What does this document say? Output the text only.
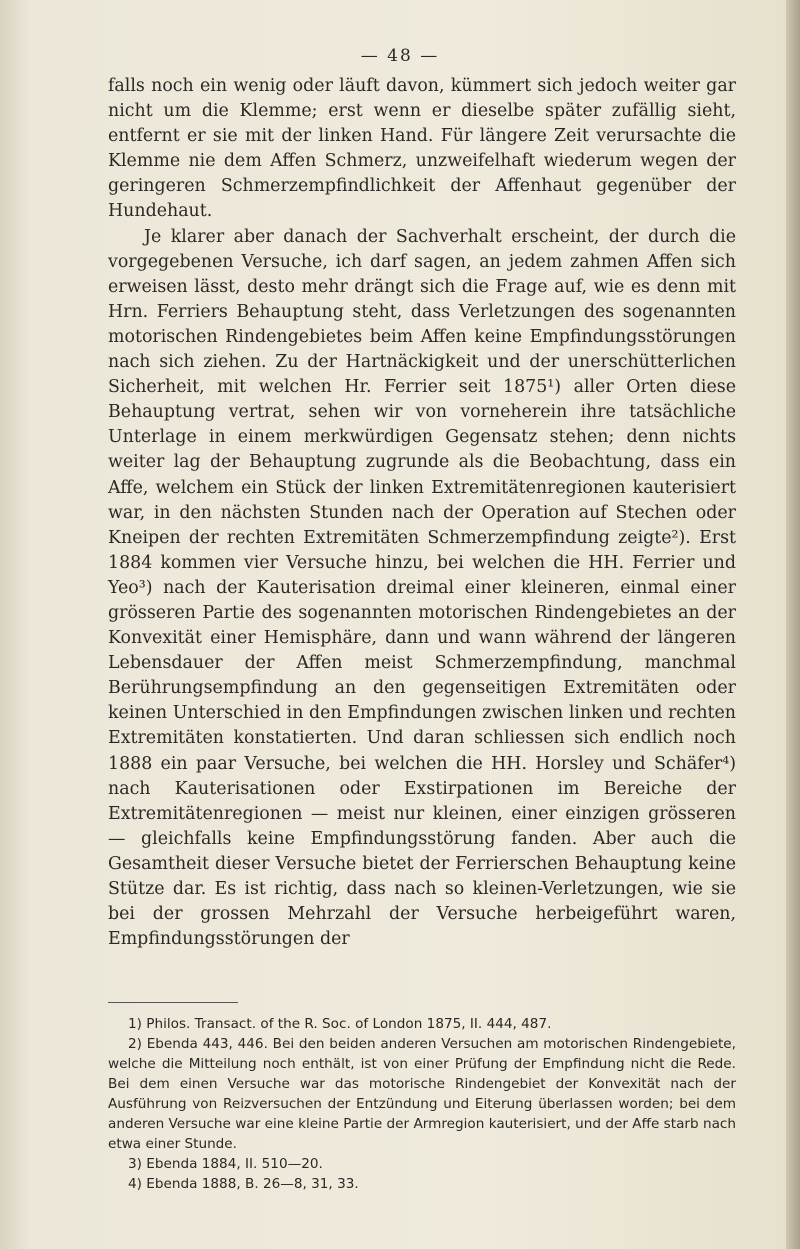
— 48 —

falls noch ein wenig oder läuft davon, kümmert sich jedoch weiter gar nicht um die Klemme; erst wenn er dieselbe später zufällig sieht, entfernt er sie mit der linken Hand. Für längere Zeit verursachte die Klemme nie dem Affen Schmerz, unzweifelhaft wiederum wegen der geringeren Schmerzempfindlichkeit der Affenhaut gegenüber der Hundehaut.

Je klarer aber danach der Sachverhalt erscheint, der durch die vorgegebenen Versuche, ich darf sagen, an jedem zahmen Affen sich erweisen lässt, desto mehr drängt sich die Frage auf, wie es denn mit Hrn. Ferriers Behauptung steht, dass Verletzungen des sogenannten motorischen Rindengebietes beim Affen keine Empfindungsstörungen nach sich ziehen. Zu der Hartnäckigkeit und der unerschütterlichen Sicherheit, mit welchen Hr. Ferrier seit 1875¹) aller Orten diese Behauptung vertrat, sehen wir von vorneherein ihre tatsächliche Unterlage in einem merkwürdigen Gegensatz stehen; denn nichts weiter lag der Behauptung zugrunde als die Beobachtung, dass ein Affe, welchem ein Stück der linken Extremitätenregionen kauterisiert war, in den nächsten Stunden nach der Operation auf Stechen oder Kneipen der rechten Extremitäten Schmerzempfindung zeigte²). Erst 1884 kommen vier Versuche hinzu, bei welchen die HH. Ferrier und Yeo³) nach der Kauterisation dreimal einer kleineren, einmal einer grösseren Partie des sogenannten motorischen Rindengebietes an der Konvexität einer Hemisphäre, dann und wann während der längeren Lebensdauer der Affen meist Schmerzempfindung, manchmal Berührungsempfindung an den gegenseitigen Extremitäten oder keinen Unterschied in den Empfindungen zwischen linken und rechten Extremitäten konstatierten. Und daran schliessen sich endlich noch 1888 ein paar Versuche, bei welchen die HH. Horsley und Schäfer⁴) nach Kauterisationen oder Exstirpationen im Bereiche der Extremitätenregionen — meist nur kleinen, einer einzigen grösseren — gleichfalls keine Empfindungsstörung fanden. Aber auch die Gesamtheit dieser Versuche bietet der Ferrierschen Behauptung keine Stütze dar. Es ist richtig, dass nach so kleinen-Verletzungen, wie sie bei der grossen Mehrzahl der Versuche herbeigeführt waren, Empfindungsstörungen der

1) Philos. Transact. of the R. Soc. of London 1875, II. 444, 487.

2) Ebenda 443, 446. Bei den beiden anderen Versuchen am motorischen Rindengebiete, welche die Mitteilung noch enthält, ist von einer Prüfung der Empfindung nicht die Rede. Bei dem einen Versuche war das motorische Rindengebiet der Konvexität nach der Ausführung von Reizversuchen der Entzündung und Eiterung überlassen worden; bei dem anderen Versuche war eine kleine Partie der Armregion kauterisiert, und der Affe starb nach etwa einer Stunde.

3) Ebenda 1884, II. 510—20.

4) Ebenda 1888, B. 26—8, 31, 33.
